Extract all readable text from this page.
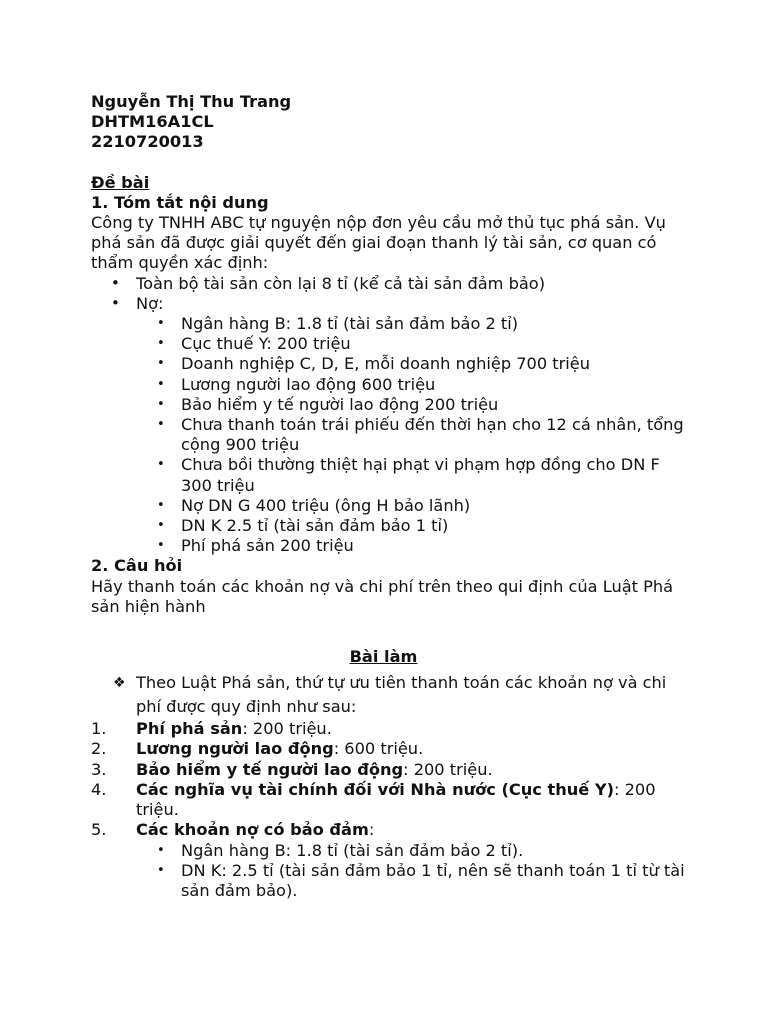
Nguyễn Thị Thu Trang

DHTM16A1CL

2210720013

Đề bài

1. Tóm tắt nội dung

Công ty TNHH ABC tự nguyện nộp đơn yêu cầu mở thủ tục phá sản. Vụ phá sản đã được giải quyết đến giai đoạn thanh lý tài sản, cơ quan có thẩm quyền xác định:

• Toàn bộ tài sản còn lại 8 tỉ (kể cả tài sản đảm bảo)
• Nợ:
• Ngân hàng B: 1.8 tỉ (tài sản đảm bảo 2 tỉ)
• Cục thuế Y: 200 triệu
• Doanh nghiệp C, D, E, mỗi doanh nghiệp 700 triệu
• Lương người lao động 600 triệu
• Bảo hiểm y tế người lao động 200 triệu
• Chưa thanh toán trái phiếu đến thời hạn cho 12 cá nhân, tổng cộng 900 triệu
• Chưa bồi thường thiệt hại phạt vi phạm hợp đồng cho DN F 300 triệu
• Nợ DN G 400 triệu (ông H bảo lãnh)
• DN K 2.5 tỉ (tài sản đảm bảo 1 tỉ)
• Phí phá sản 200 triệu

2. Câu hỏi

Hãy thanh toán các khoản nợ và chi phí trên theo qui định của Luật Phá sản hiện hành

Bài làm

❖ Theo Luật Phá sản, thứ tự ưu tiên thanh toán các khoản nợ và chi phí được quy định như sau:

1. Phí phá sản: 200 triệu.
2. Lương người lao động: 600 triệu.
3. Bảo hiểm y tế người lao động: 200 triệu.
4. Các nghĩa vụ tài chính đối với Nhà nước (Cục thuế Y): 200 triệu.
5. Các khoản nợ có bảo đảm:
• Ngân hàng B: 1.8 tỉ (tài sản đảm bảo 2 tỉ).
• DN K: 2.5 tỉ (tài sản đảm bảo 1 tỉ, nên sẽ thanh toán 1 tỉ từ tài sản đảm bảo).
